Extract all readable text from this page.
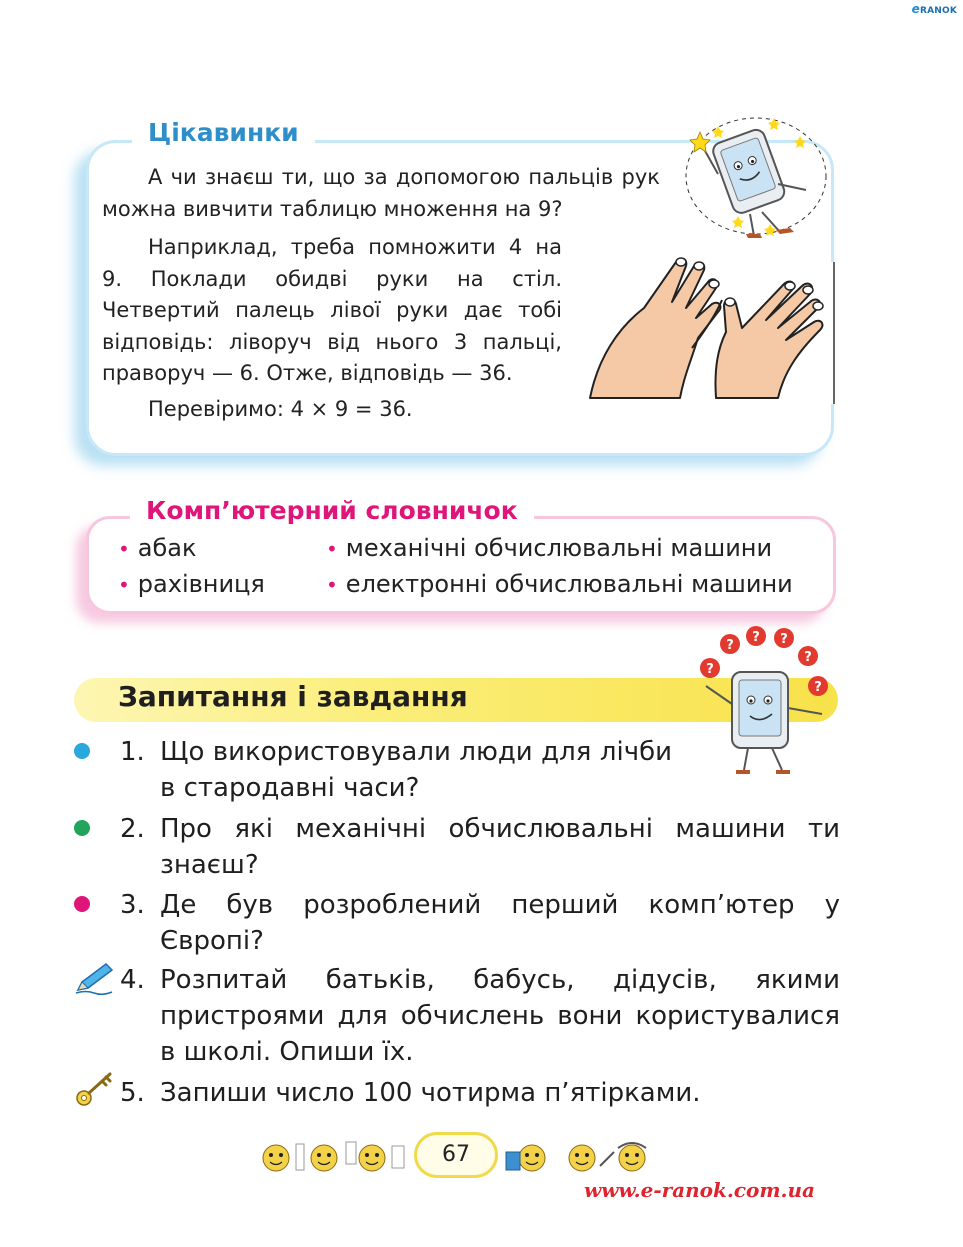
eRANOK
Цікавинки
А чи знаєш ти, що за допомогою пальців рук можна вивчити таблицю множення на 9?
Наприклад, треба помножити 4 на 9. Поклади обидві руки на стіл. Четвертий палець лівої руки дає тобі відповідь: ліворуч від нього 3 пальці, праворуч — 6. Отже, відповідь — 36.
Перевіримо: 4 × 9 = 36.
Комп’ютерний словничок
• абак	• механічні обчислювальні машини
• рахівниця	• електронні обчислювальні машини
Запитання і завдання
?
?
? ?
?
?
1. Що використовували люди для лічби в стародавні часи?
2. Про які механічні обчислювальні машини ти знаєш?
3. Де був розроблений перший комп’ютер у Європі?
4. Розпитай батьків, бабусь, дідусів, якими пристроями для обчислень вони користувалися в школі. Опиши їх.
5. Запиши число 100 чотирма п’ятірками.
67
www.e-ranok.com.ua
